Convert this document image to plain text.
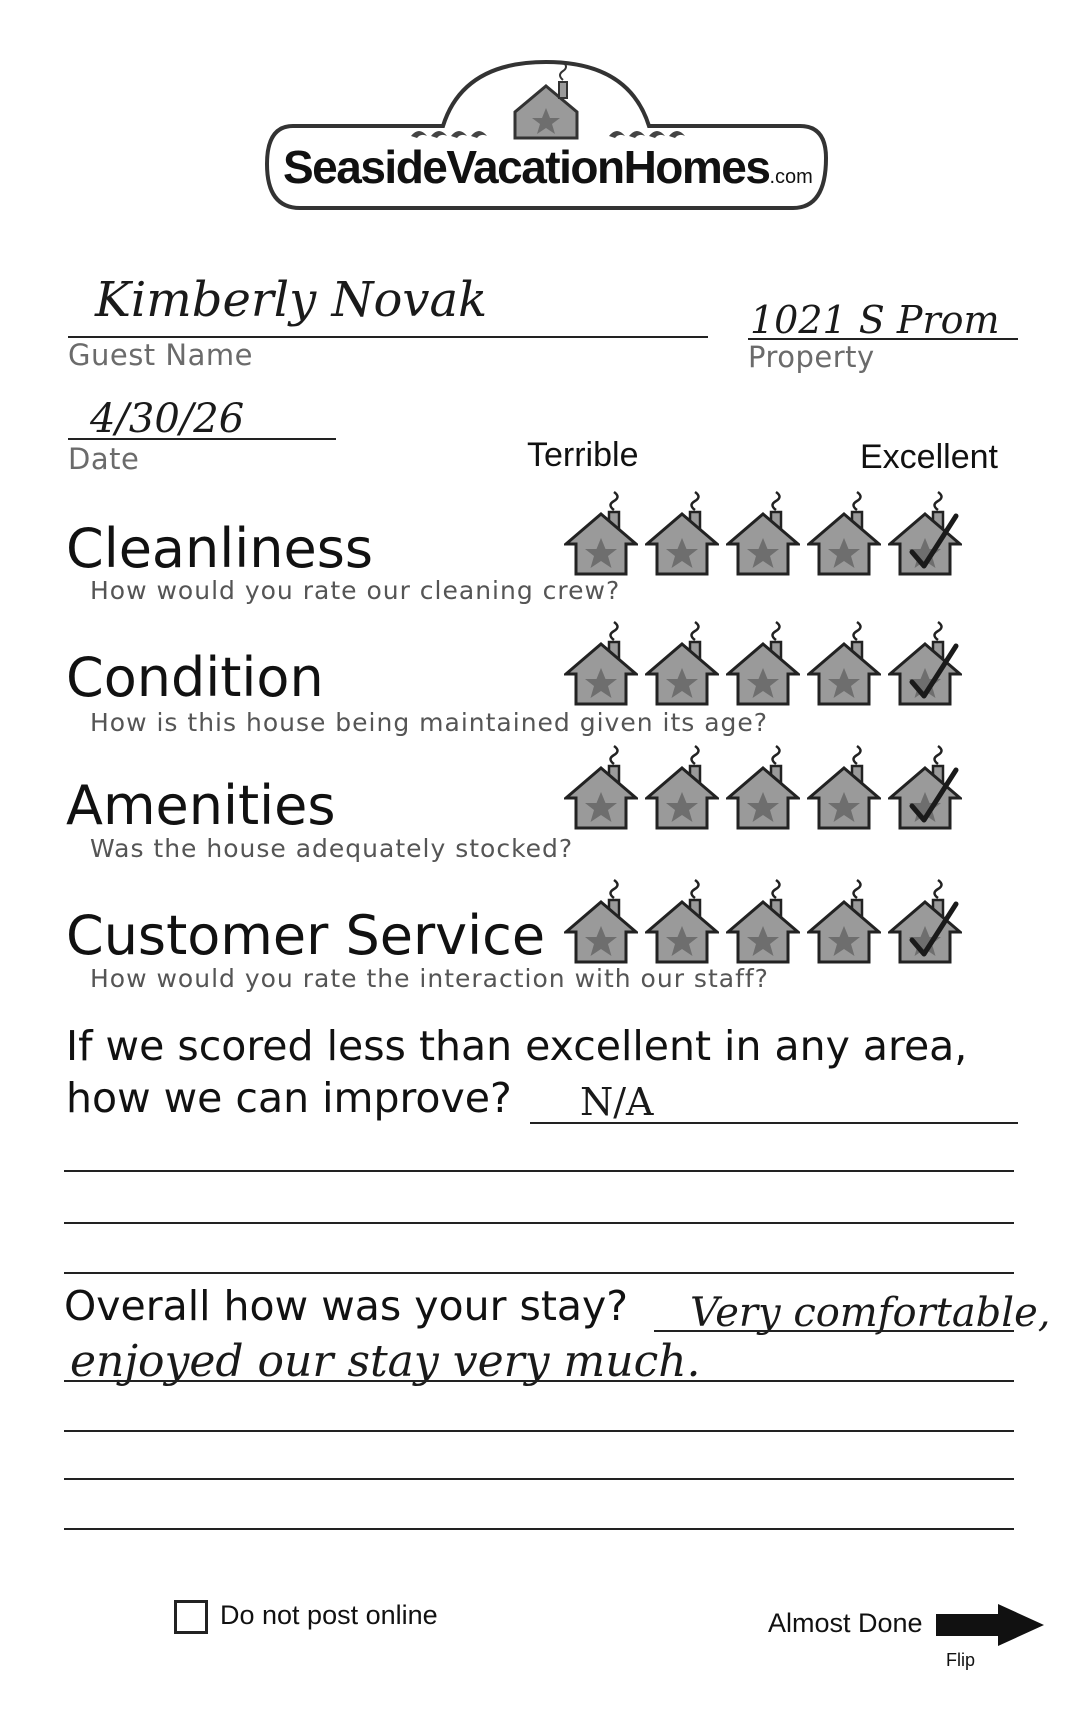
SeasideVacationHomes.com
Kimberly Novak
Guest Name
1021 S Prom
Property
4/30/26
Date	Terrible	Excellent
Cleanliness
How would you rate our cleaning crew?
Condition
How is this house being maintained given its age?
Amenities
Was the house adequately stocked?
Customer Service
How would you rate the interaction with our staff?
If we scored less than excellent in any area,
how we can improve? N/A
Overall how was your stay? Very comfortable,
enjoyed our stay very much.
Do not post online	Almost Done
Flip
